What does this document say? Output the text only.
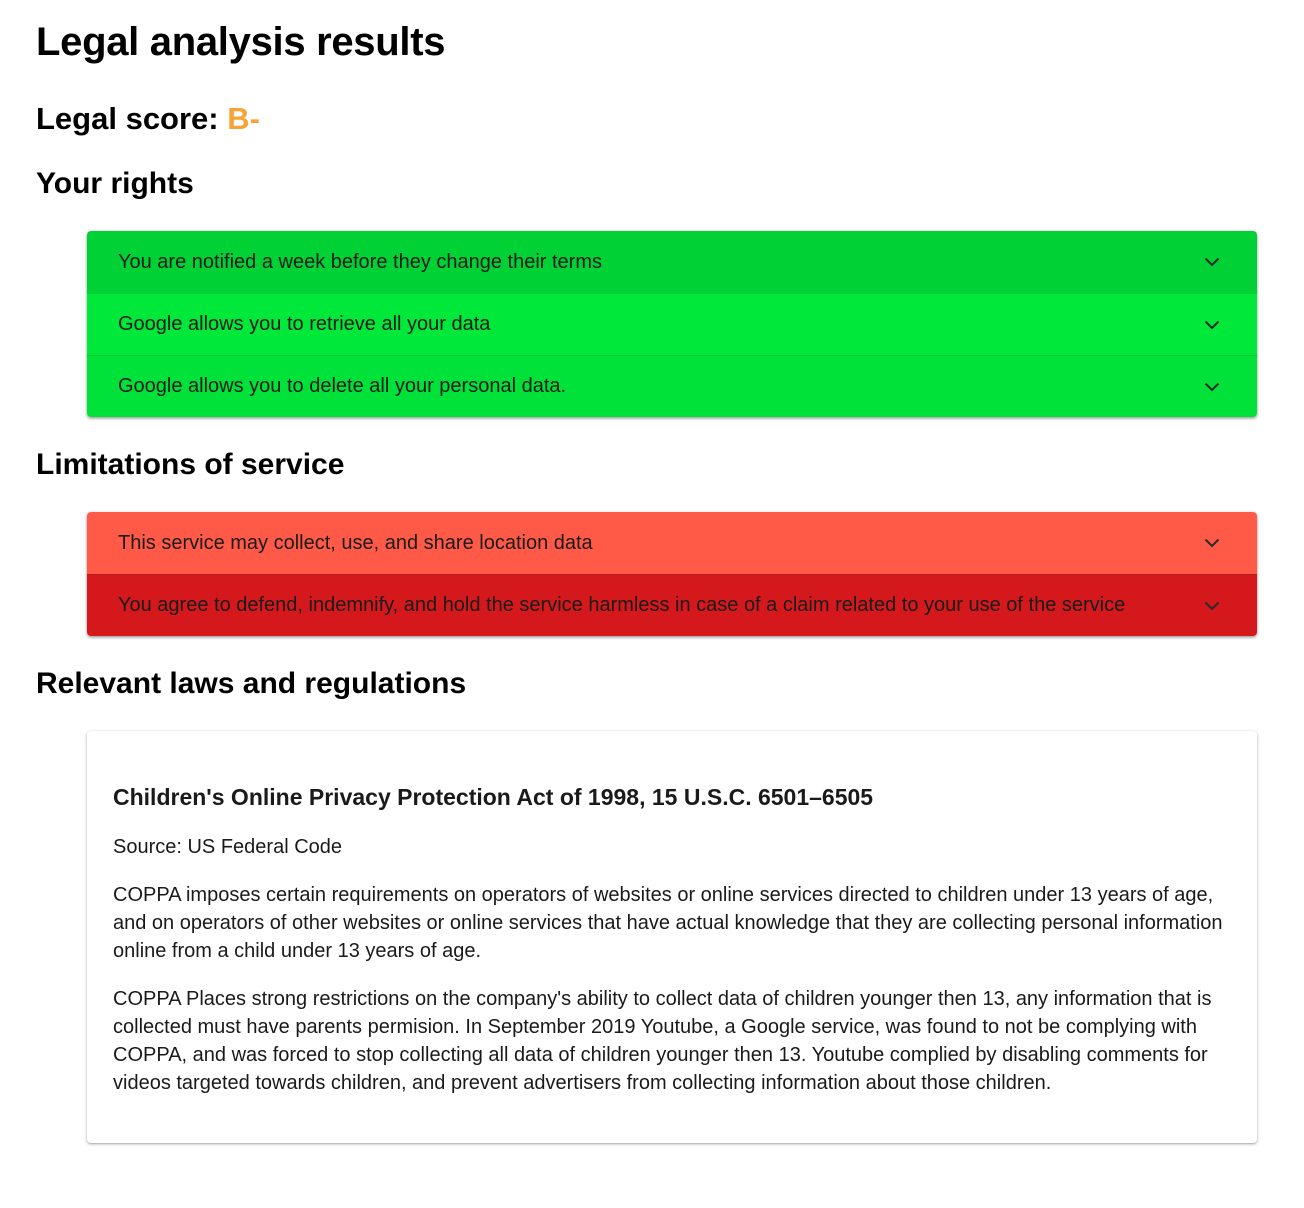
Legal analysis results

Legal score: B-

Your rights
You are notified a week before they change their terms
Google allows you to retrieve all your data
Google allows you to delete all your personal data.
Limitations of service
This service may collect, use, and share location data
You agree to defend, indemnify, and hold the service harmless in case of a claim related to your use of the service
Relevant laws and regulations

Children's Online Privacy Protection Act of 1998, 15 U.S.C. 6501–6505

Source: US Federal Code

COPPA imposes certain requirements on operators of websites or online services directed to children under 13 years of age, and on operators of other websites or online services that have actual knowledge that they are collecting personal information online from a child under 13 years of age.

COPPA Places strong restrictions on the company's ability to collect data of children younger then 13, any information that is collected must have parents permision. In September 2019 Youtube, a Google service, was found to not be complying with COPPA, and was forced to stop collecting all data of children younger then 13. Youtube complied by disabling comments for videos targeted towards children, and prevent advertisers from collecting information about those children.
